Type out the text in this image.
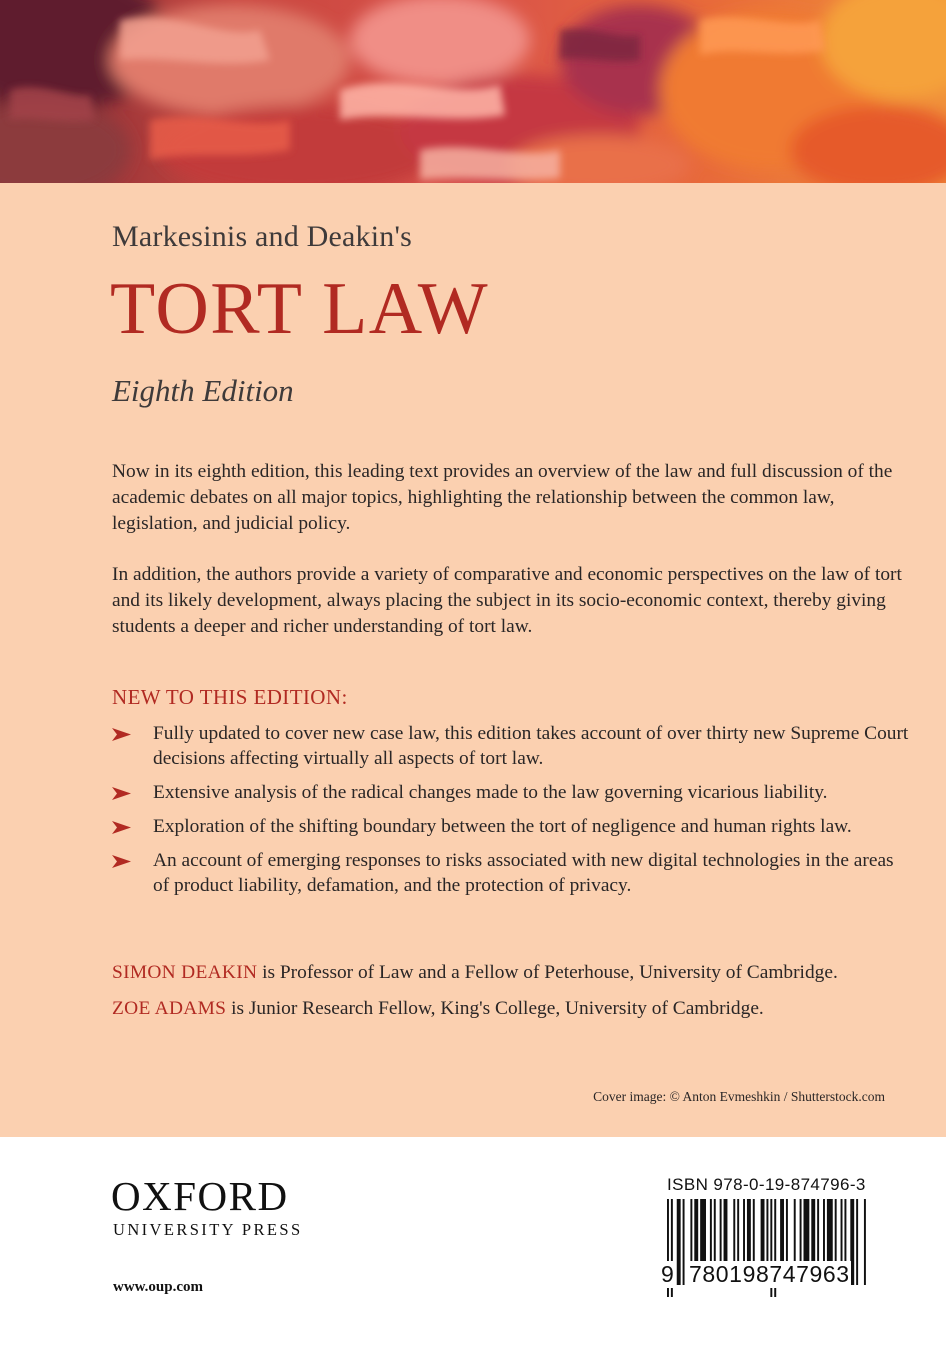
Markesinis and Deakin's
TORT LAW
Eighth Edition

Now in its eighth edition, this leading text provides an overview of the law and full discussion of the academic debates on all major topics, highlighting the relationship between the common law, legislation, and judicial policy.

In addition, the authors provide a variety of comparative and economic perspectives on the law of tort and its likely development, always placing the subject in its socio-economic context, thereby giving students a deeper and richer understanding of tort law.

NEW TO THIS EDITION:
Fully updated to cover new case law, this edition takes account of over thirty new Supreme Court decisions affecting virtually all aspects of tort law.
Extensive analysis of the radical changes made to the law governing vicarious liability.
Exploration of the shifting boundary between the tort of negligence and human rights law.
An account of emerging responses to risks associated with new digital technologies in the areas of product liability, defamation, and the protection of privacy.
SIMON DEAKIN is Professor of Law and a Fellow of Peterhouse, University of Cambridge.
ZOE ADAMS is Junior Research Fellow, King's College, University of Cambridge.
Cover image: © Anton Evmeshkin / Shutterstock.com
OXFORD
UNIVERSITY PRESS
www.oup.com
ISBN 978-0-19-874796-3
9 780198747963
